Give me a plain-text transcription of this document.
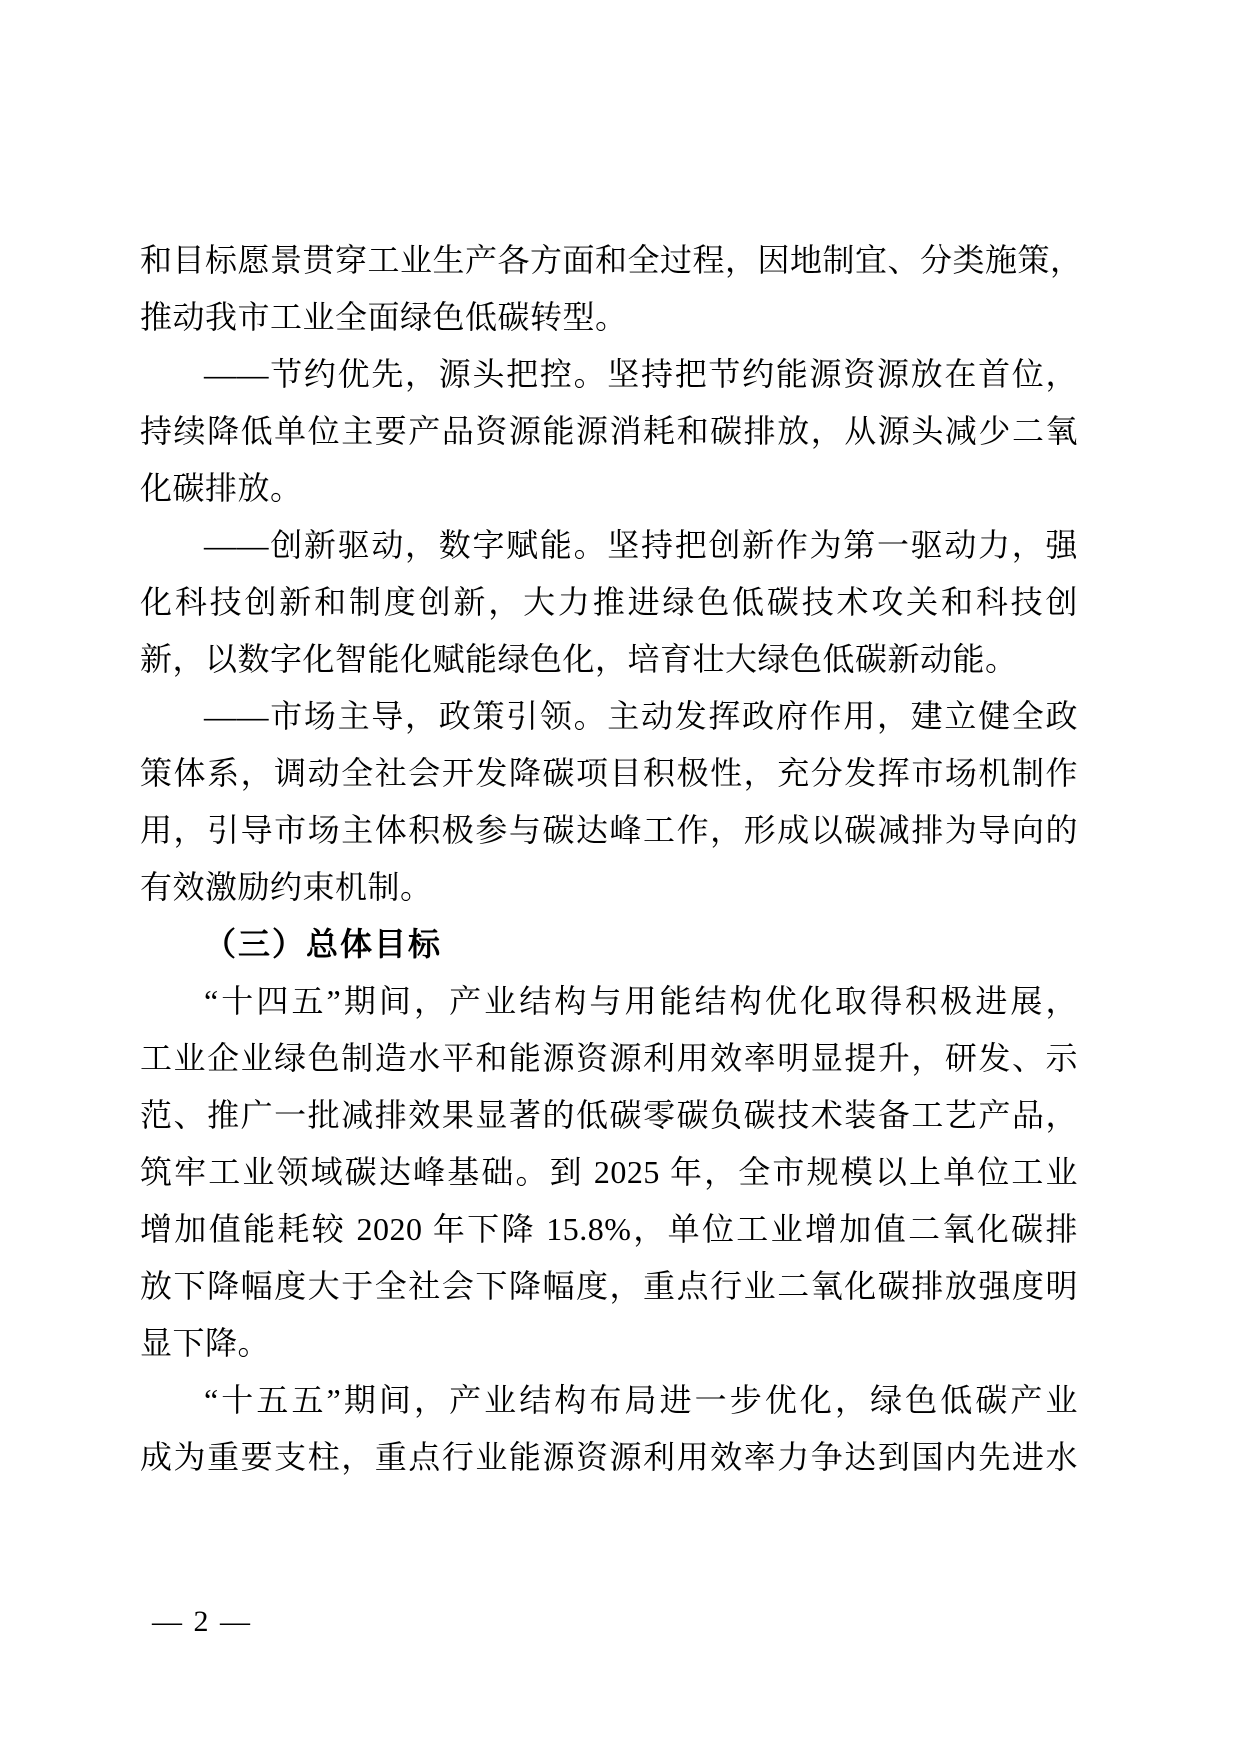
和目标愿景贯穿工业生产各方面和全过程，因地制宜、分类施策，
推动我市工业全面绿色低碳转型。
——节约优先，源头把控。坚持把节约能源资源放在首位，
持续降低单位主要产品资源能源消耗和碳排放，从源头减少二氧
化碳排放。
——创新驱动，数字赋能。坚持把创新作为第一驱动力，强
化科技创新和制度创新，大力推进绿色低碳技术攻关和科技创
新，以数字化智能化赋能绿色化，培育壮大绿色低碳新动能。
——市场主导，政策引领。主动发挥政府作用，建立健全政
策体系，调动全社会开发降碳项目积极性，充分发挥市场机制作
用，引导市场主体积极参与碳达峰工作，形成以碳减排为导向的
有效激励约束机制。
（三）总体目标
“十四五”期间，产业结构与用能结构优化取得积极进展，
工业企业绿色制造水平和能源资源利用效率明显提升，研发、示
范、推广一批减排效果显著的低碳零碳负碳技术装备工艺产品，
筑牢工业领域碳达峰基础。到 2025 年，全市规模以上单位工业
增加值能耗较 2020 年下降 15.8%，单位工业增加值二氧化碳排
放下降幅度大于全社会下降幅度，重点行业二氧化碳排放强度明
显下降。
“十五五”期间，产业结构布局进一步优化，绿色低碳产业
成为重要支柱，重点行业能源资源利用效率力争达到国内先进水
— 2 —
